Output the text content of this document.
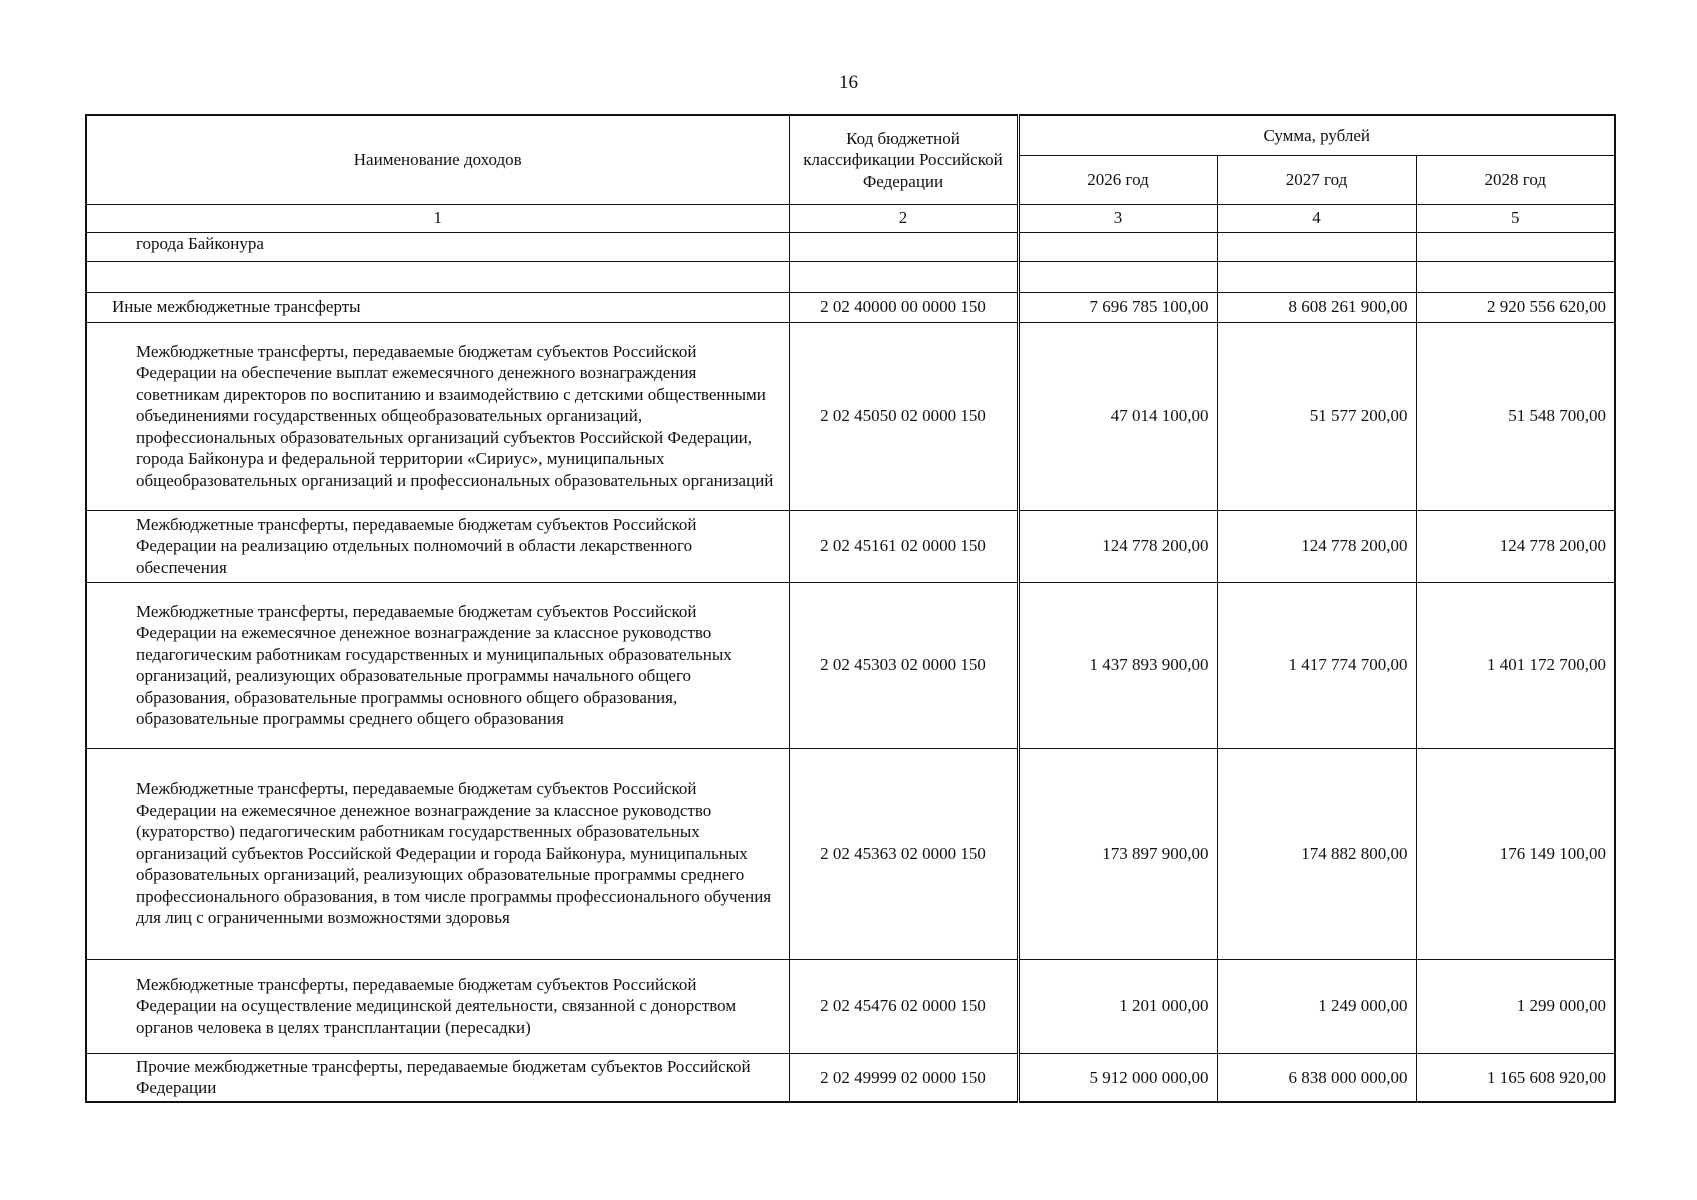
16
Наименование доходов	Код бюджетной классификации Российской Федерации	Сумма, рублей		
		2026 год	2027 год	2028 год
1	2	3	4	5
города Байконура				

Иные межбюджетные трансферты	2 02 40000 00 0000 150	7 696 785 100,00	8 608 261 900,00	2 920 556 620,00
Межбюджетные трансферты, передаваемые бюджетам субъектов Российской Федерации на обеспечение выплат ежемесячного денежного вознаграждения советникам директоров по воспитанию и взаимодействию с детскими общественными объединениями государственных общеобразовательных организаций, профессиональных образовательных организаций субъектов Российской Федерации, города Байконура и федеральной территории «Сириус», муниципальных общеобразовательных организаций и профессиональных образовательных организаций	2 02 45050 02 0000 150	47 014 100,00	51 577 200,00	51 548 700,00
Межбюджетные трансферты, передаваемые бюджетам субъектов Российской Федерации на реализацию отдельных полномочий в области лекарственного обеспечения	2 02 45161 02 0000 150	124 778 200,00	124 778 200,00	124 778 200,00
Межбюджетные трансферты, передаваемые бюджетам субъектов Российской Федерации на ежемесячное денежное вознаграждение за классное руководство педагогическим работникам государственных и муниципальных образовательных организаций, реализующих образовательные программы начального общего образования, образовательные программы основного общего образования, образовательные программы среднего общего образования	2 02 45303 02 0000 150	1 437 893 900,00	1 417 774 700,00	1 401 172 700,00
Межбюджетные трансферты, передаваемые бюджетам субъектов Российской Федерации на ежемесячное денежное вознаграждение за классное руководство (кураторство) педагогическим работникам государственных образовательных организаций субъектов Российской Федерации и города Байконура, муниципальных образовательных организаций, реализующих образовательные программы среднего профессионального образования, в том числе программы профессионального обучения для лиц с ограниченными возможностями здоровья	2 02 45363 02 0000 150	173 897 900,00	174 882 800,00	176 149 100,00
Межбюджетные трансферты, передаваемые бюджетам субъектов Российской Федерации на осуществление медицинской деятельности, связанной с донорством органов человека в целях трансплантации (пересадки)	2 02 45476 02 0000 150	1 201 000,00	1 249 000,00	1 299 000,00
Прочие межбюджетные трансферты, передаваемые бюджетам субъектов Российской Федерации	2 02 49999 02 0000 150	5 912 000 000,00	6 838 000 000,00	1 165 608 920,00
